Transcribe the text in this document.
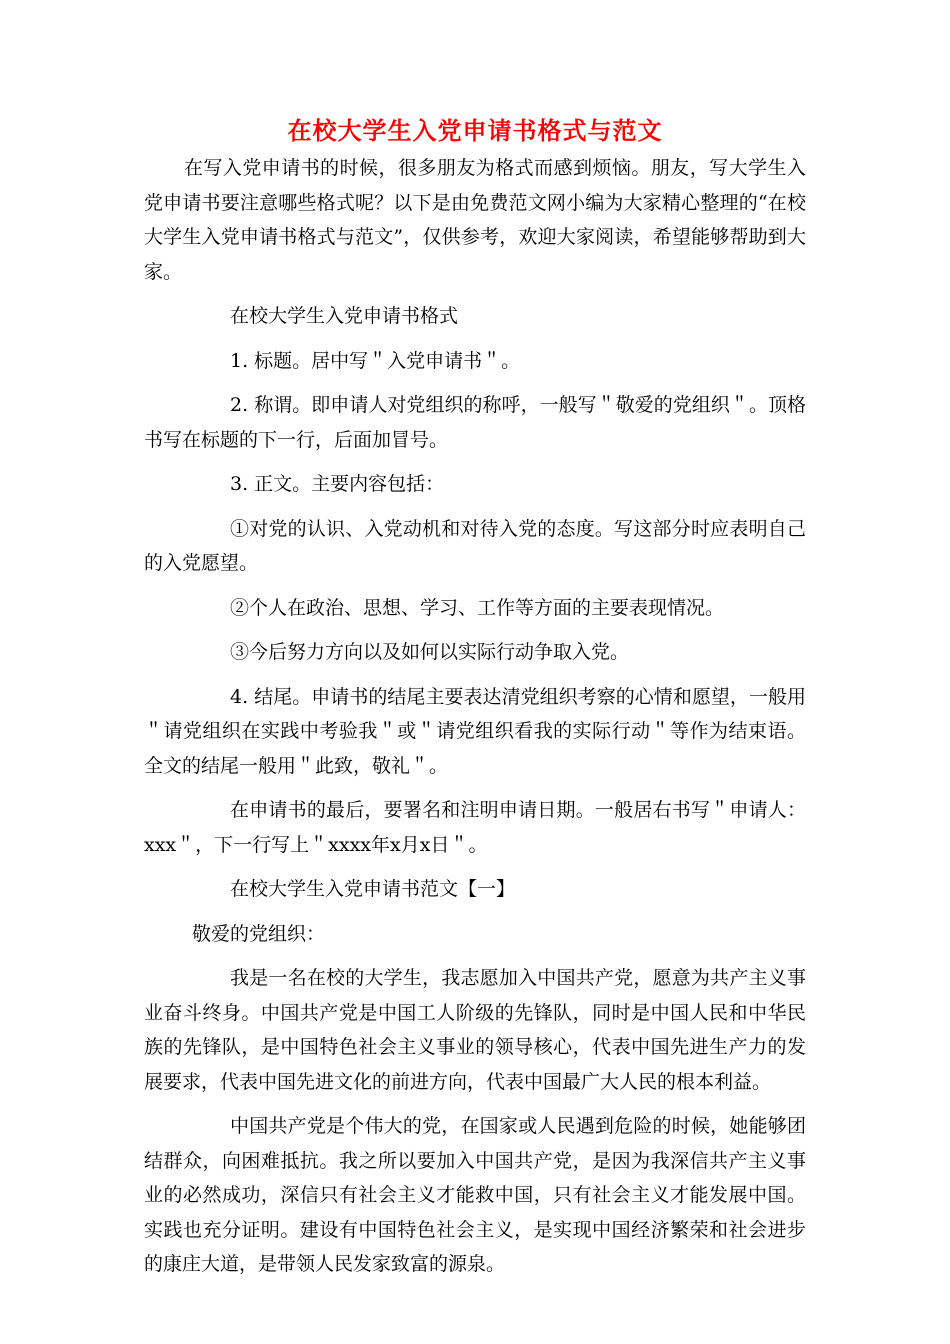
在校大学生入党申请书格式与范文

在写入党申请书的时候，很多朋友为格式而感到烦恼。朋友，写大学生入党申请书要注意哪些格式呢？以下是由免费范文网小编为大家精心整理的“在校大学生入党申请书格式与范文”，仅供参考，欢迎大家阅读，希望能够帮助到大家。

在校大学生入党申请书格式

1. 标题。居中写＂入党申请书＂。

2. 称谓。即申请人对党组织的称呼，一般写＂敬爱的党组织＂。顶格书写在标题的下一行，后面加冒号。

3. 正文。主要内容包括：

①对党的认识、入党动机和对待入党的态度。写这部分时应表明自己的入党愿望。

②个人在政治、思想、学习、工作等方面的主要表现情况。

③今后努力方向以及如何以实际行动争取入党。

4. 结尾。申请书的结尾主要表达清党组织考察的心情和愿望，一般用＂请党组织在实践中考验我＂或＂请党组织看我的实际行动＂等作为结束语。全文的结尾一般用＂此致，敬礼＂。

在申请书的最后，要署名和注明申请日期。一般居右书写＂申请人：xxx＂，下一行写上＂xxxx年x月x日＂。

在校大学生入党申请书范文【一】

敬爱的党组织：

我是一名在校的大学生，我志愿加入中国共产党，愿意为共产主义事业奋斗终身。中国共产党是中国工人阶级的先锋队，同时是中国人民和中华民族的先锋队，是中国特色社会主义事业的领导核心，代表中国先进生产力的发展要求，代表中国先进文化的前进方向，代表中国最广大人民的根本利益。

中国共产党是个伟大的党，在国家或人民遇到危险的时候，她能够团结群众，向困难抵抗。我之所以要加入中国共产党，是因为我深信共产主义事业的必然成功，深信只有社会主义才能救中国，只有社会主义才能发展中国。实践也充分证明。建设有中国特色社会主义，是实现中国经济繁荣和社会进步的康庄大道，是带领人民发家致富的源泉。
